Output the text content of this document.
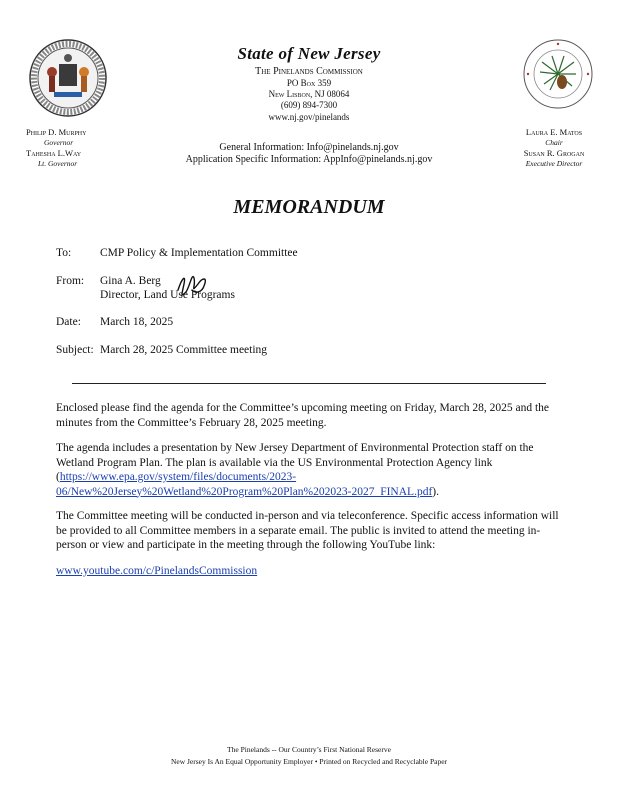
State of New Jersey
The Pinelands Commission
PO Box 359
New Lisbon, NJ 08064
(609) 894-7300
www.nj.gov/pinelands
Philip D. Murphy
Governor
Tahesha L.Way
Lt. Governor
Laura E. Matos
Chair
Susan R. Grogan
Executive Director
General Information: Info@pinelands.nj.gov
Application Specific Information: AppInfo@pinelands.nj.gov
MEMORANDUM
To:	CMP Policy & Implementation Committee
From: Gina A. Berg
Director, Land Use Programs
Date: March 18, 2025
Subject: March 28, 2025 Committee meeting
Enclosed please find the agenda for the Committee’s upcoming meeting on Friday, March 28, 2025 and the minutes from the Committee’s February 28, 2025 meeting.
The agenda includes a presentation by New Jersey Department of Environmental Protection staff on the Wetland Program Plan. The plan is available via the US Environmental Protection Agency link (https://www.epa.gov/system/files/documents/2023-
06/New%20Jersey%20Wetland%20Program%20Plan%202023-2027_FINAL.pdf).
The Committee meeting will be conducted in-person and via teleconference. Specific access information will be provided to all Committee members in a separate email. The public is invited to attend the meeting in-person or view and participate in the meeting through the following YouTube link:
www.youtube.com/c/PinelandsCommission
The Pinelands -- Our Country’s First National Reserve
New Jersey Is An Equal Opportunity Employer • Printed on Recycled and Recyclable Paper
